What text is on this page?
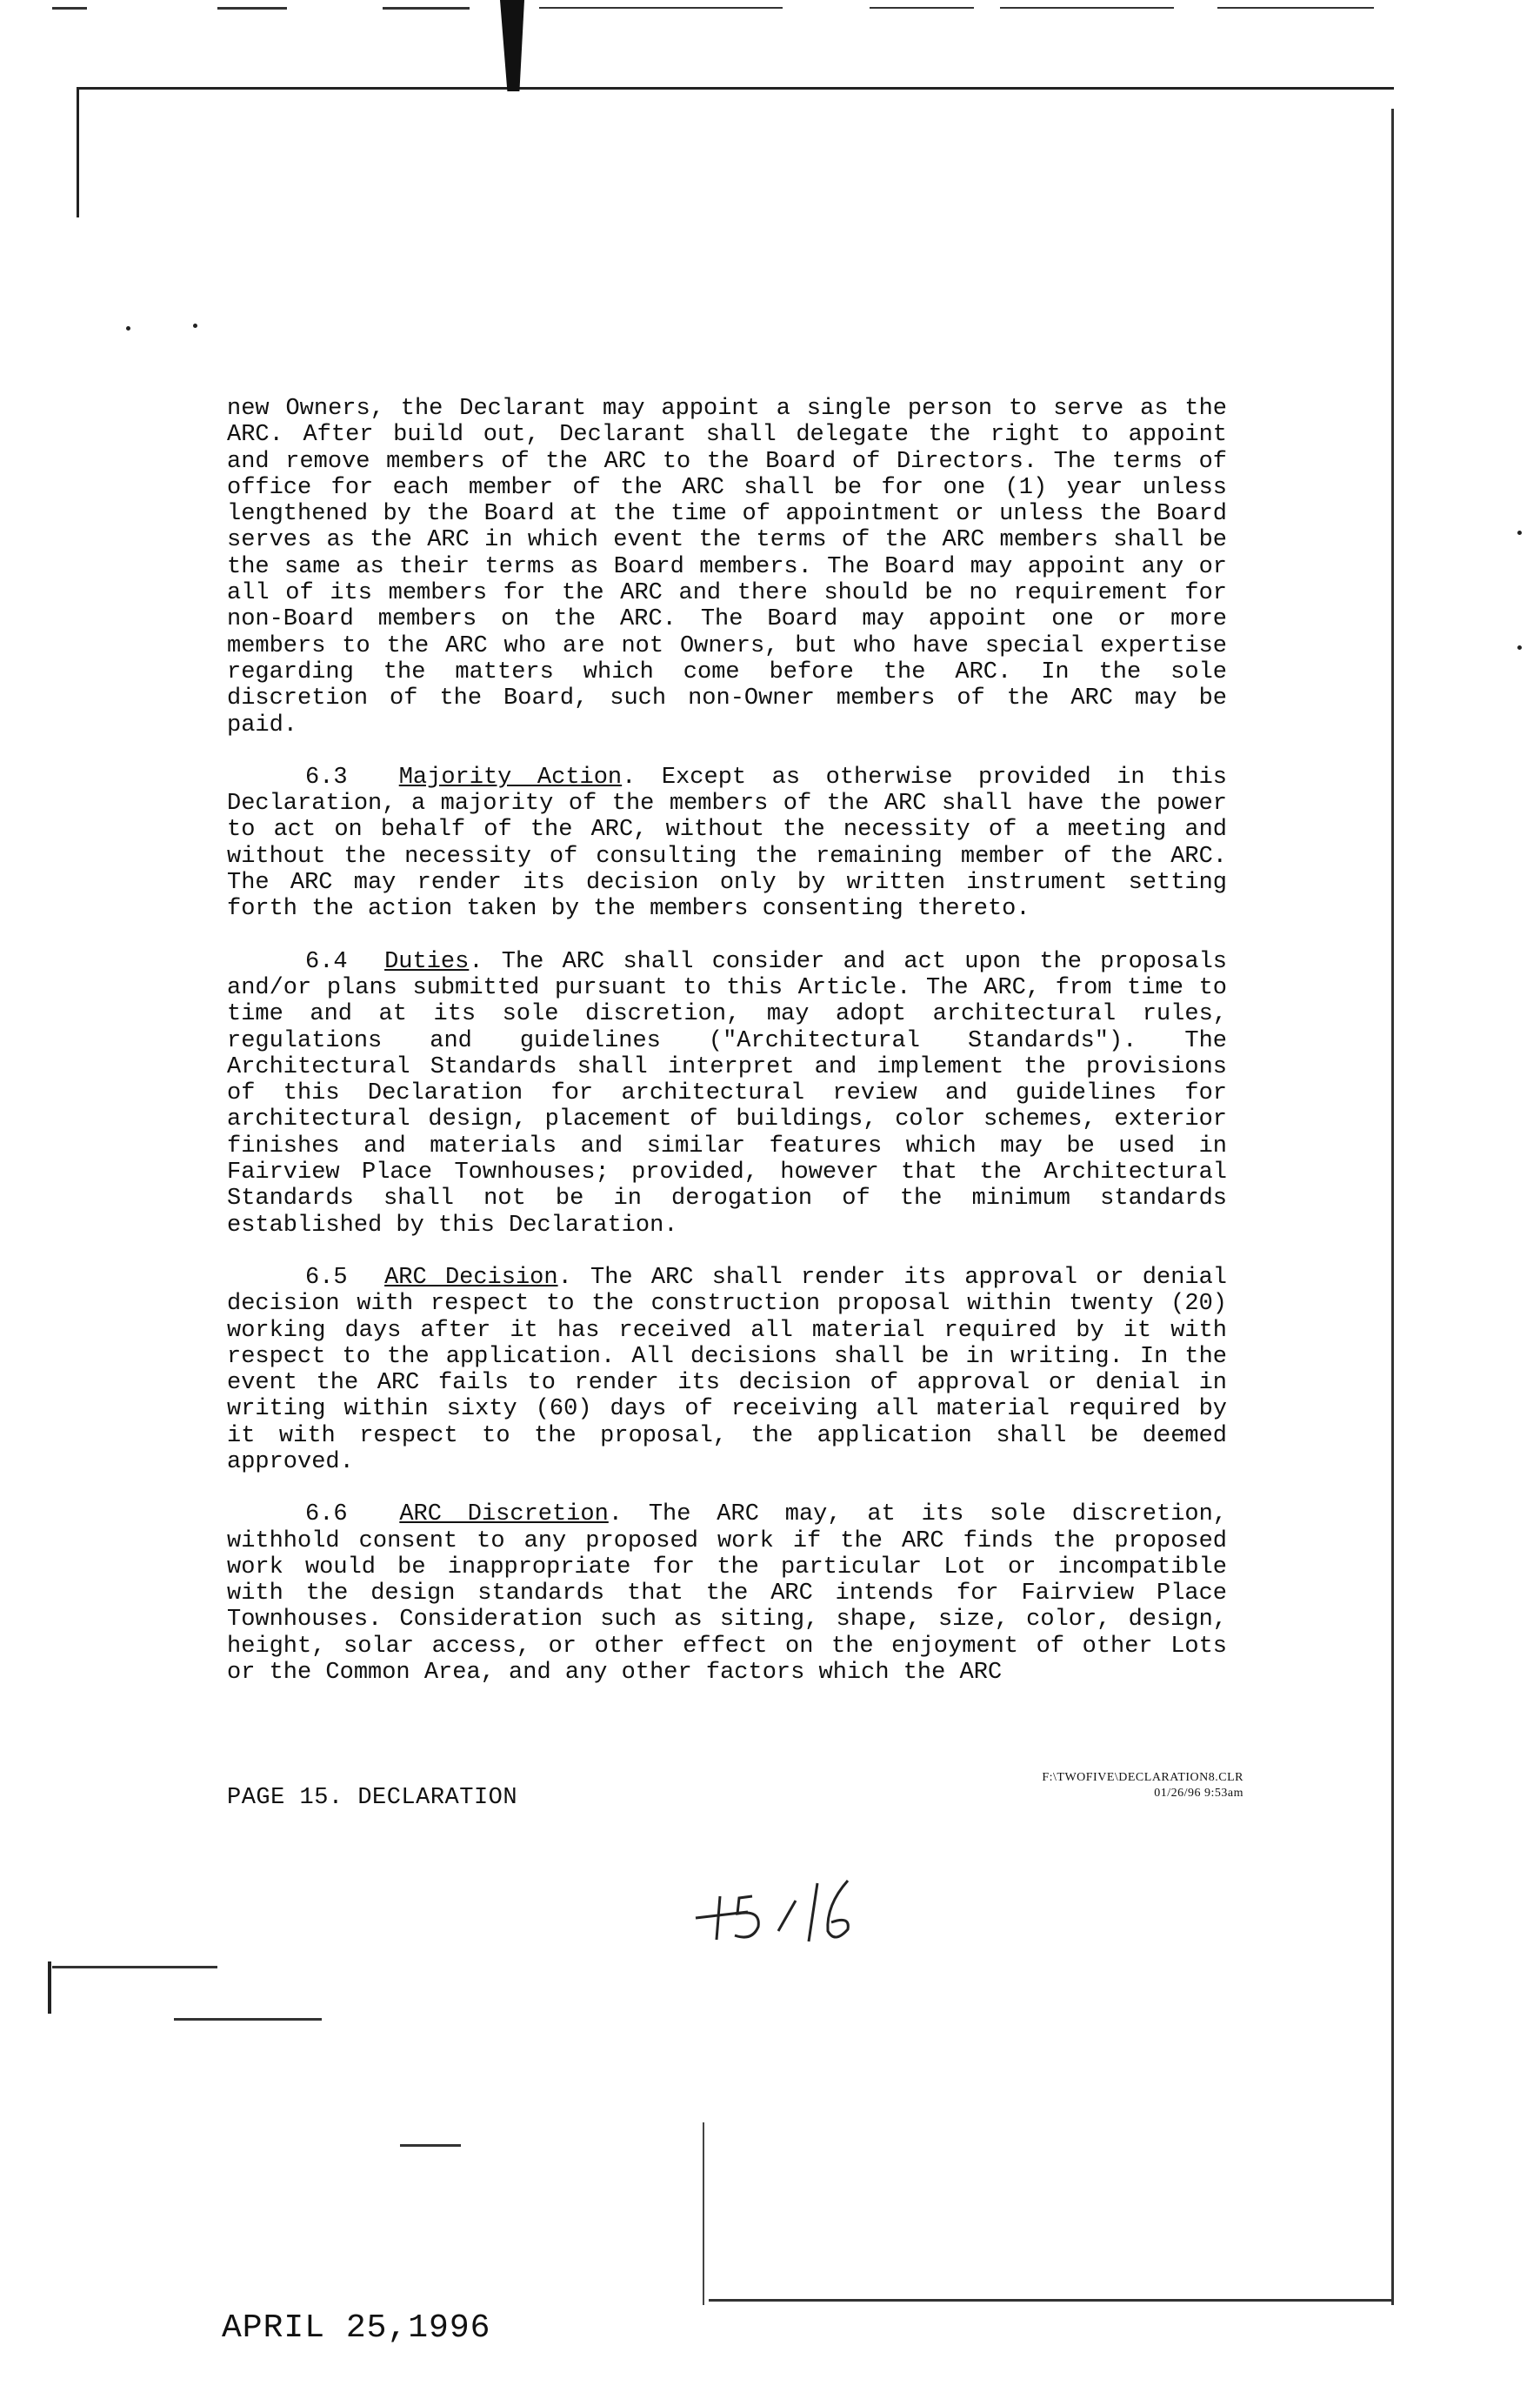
new Owners, the Declarant may appoint a single person to serve as the ARC. After build out, Declarant shall delegate the right to appoint and remove members of the ARC to the Board of Directors. The terms of office for each member of the ARC shall be for one (1) year unless lengthened by the Board at the time of appointment or unless the Board serves as the ARC in which event the terms of the ARC members shall be the same as their terms as Board members. The Board may appoint any or all of its members for the ARC and there should be no requirement for non-Board members on the ARC. The Board may appoint one or more members to the ARC who are not Owners, but who have special expertise regarding the matters which come before the ARC. In the sole discretion of the Board, such non-Owner members of the ARC may be paid.

6.3 Majority Action. Except as otherwise provided in this Declaration, a majority of the members of the ARC shall have the power to act on behalf of the ARC, without the necessity of a meeting and without the necessity of consulting the remaining member of the ARC. The ARC may render its decision only by written instrument setting forth the action taken by the members consenting thereto.

6.4 Duties. The ARC shall consider and act upon the proposals and/or plans submitted pursuant to this Article. The ARC, from time to time and at its sole discretion, may adopt architectural rules, regulations and guidelines ("Architectural Standards"). The Architectural Standards shall interpret and implement the provisions of this Declaration for architectural review and guidelines for architectural design, placement of buildings, color schemes, exterior finishes and materials and similar features which may be used in Fairview Place Townhouses; provided, however that the Architectural Standards shall not be in derogation of the minimum standards established by this Declaration.

6.5 ARC Decision. The ARC shall render its approval or denial decision with respect to the construction proposal within twenty (20) working days after it has received all material required by it with respect to the application. All decisions shall be in writing. In the event the ARC fails to render its decision of approval or denial in writing within sixty (60) days of receiving all material required by it with respect to the proposal, the application shall be deemed approved.

6.6 ARC Discretion. The ARC may, at its sole discretion, withhold consent to any proposed work if the ARC finds the proposed work would be inappropriate for the particular Lot or incompatible with the design standards that the ARC intends for Fairview Place Townhouses. Consideration such as siting, shape, size, color, design, height, solar access, or other effect on the enjoyment of other Lots or the Common Area, and any other factors which the ARC

PAGE 15. DECLARATION
F:\TWOFIVE\DECLARATION8.CLR
01/26/96 9:53am
APRIL 25,1996
